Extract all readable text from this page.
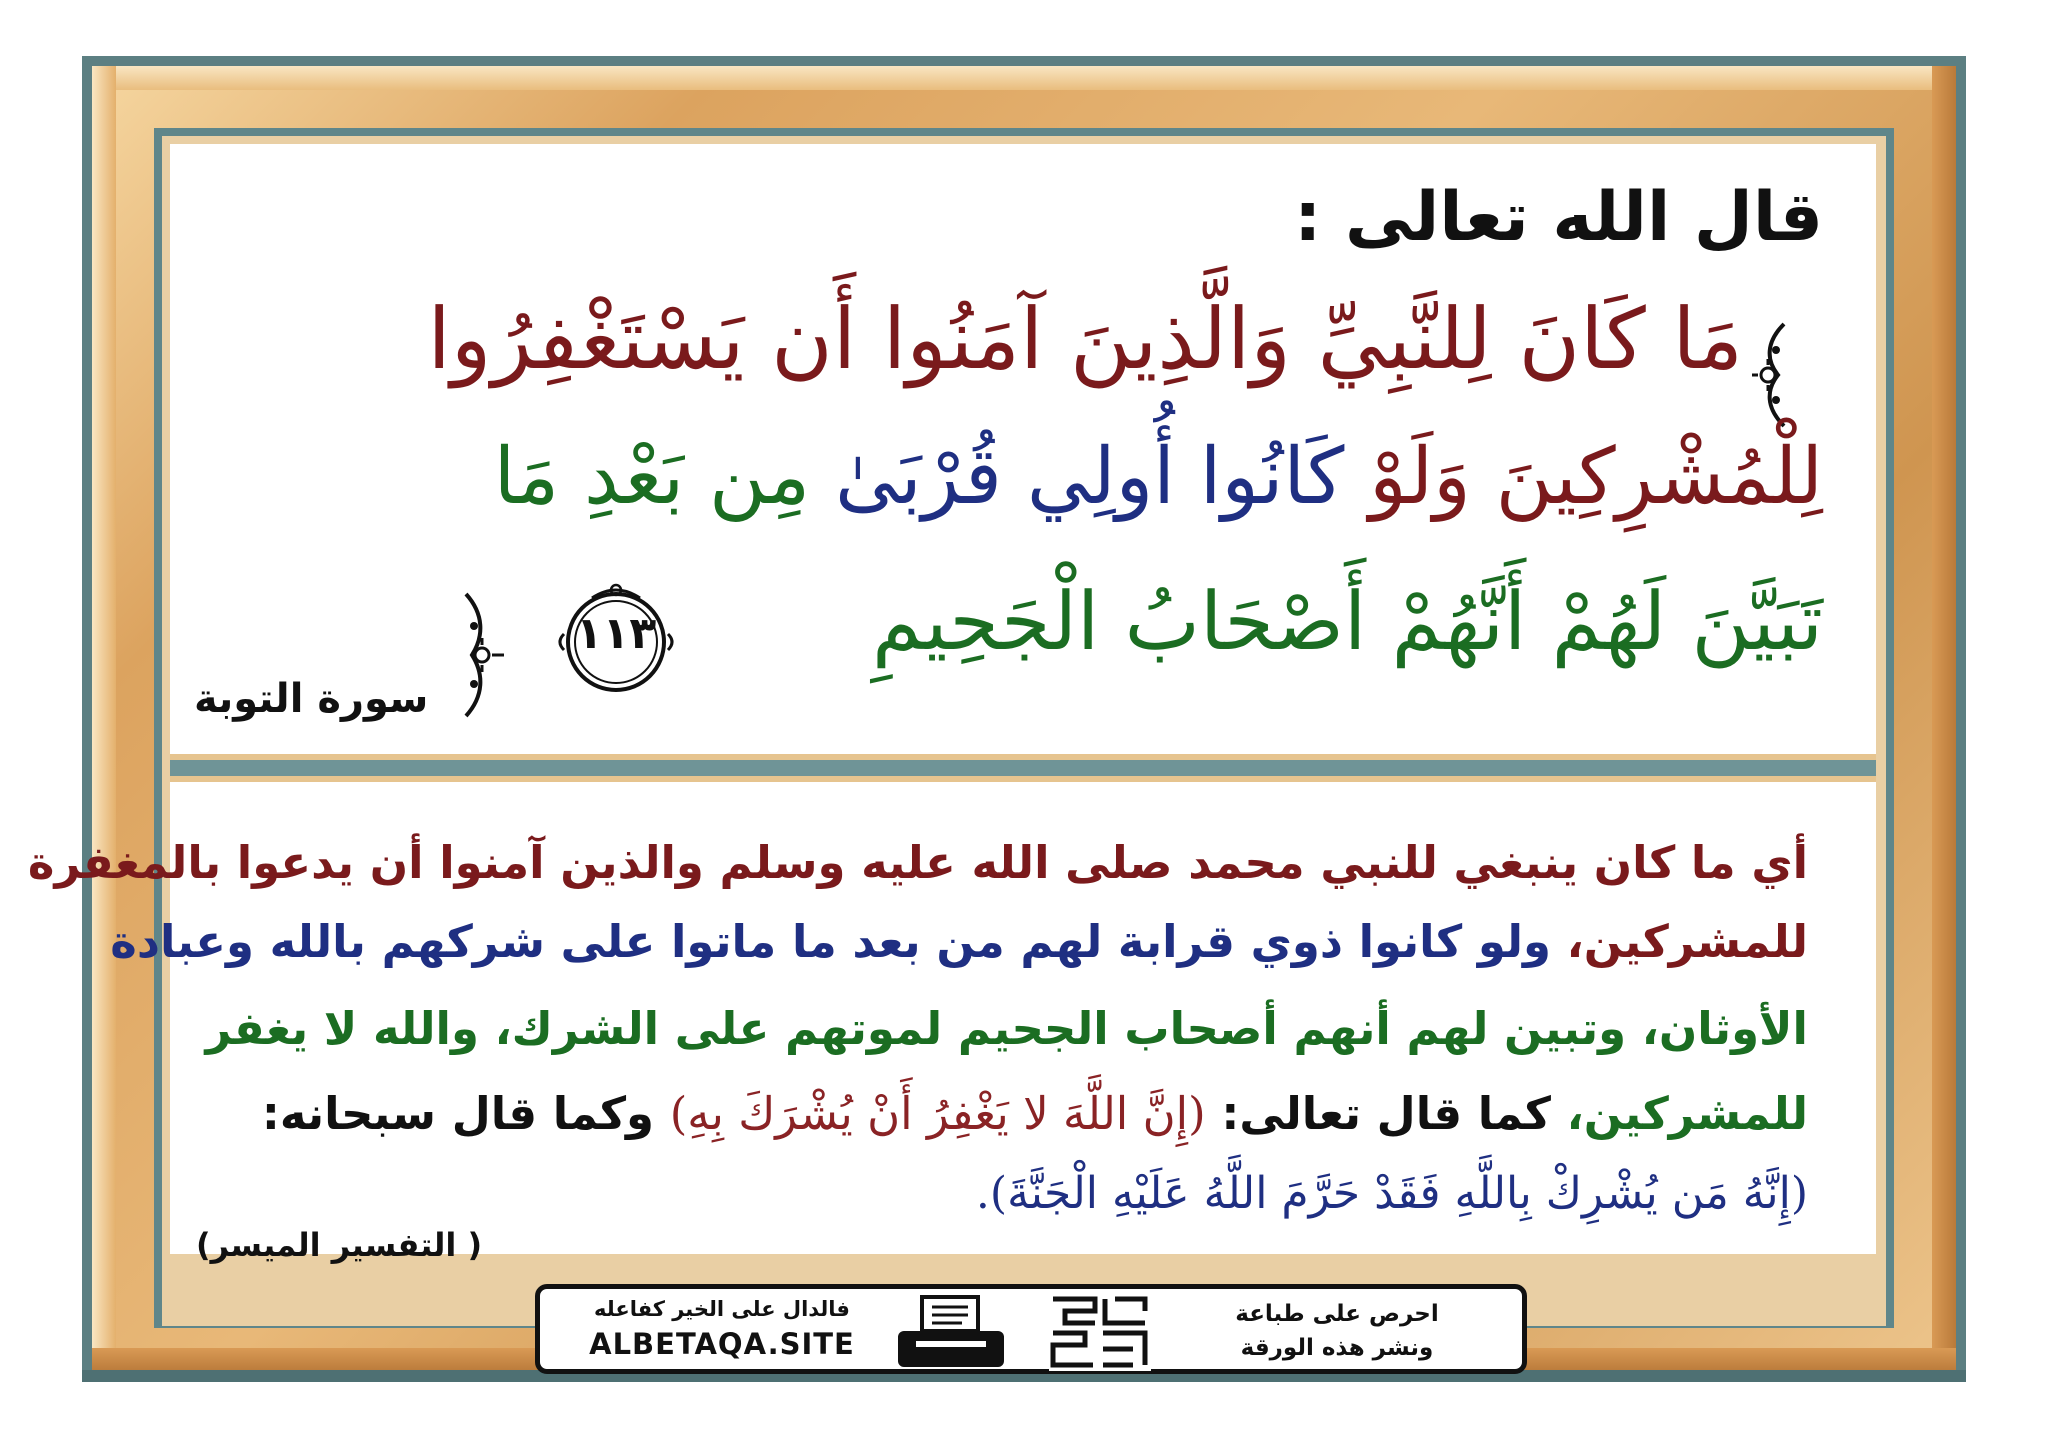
قال الله تعالى :
مَا كَانَ لِلنَّبِيِّ وَالَّذِينَ آمَنُوا أَن يَسْتَغْفِرُوا
لِلْمُشْرِكِينَ وَلَوْ كَانُوا أُولِي قُرْبَىٰ مِن بَعْدِ مَا
تَبَيَّنَ لَهُمْ أَنَّهُمْ أَصْحَابُ الْجَحِيمِ
١١٣
سورة التوبة
أي ما كان ينبغي للنبي محمد صلى الله عليه وسلم والذين آمنوا أن يدعوا بالمغفرة
للمشركين، ولو كانوا ذوي قرابة لهم من بعد ما ماتوا على شركهم بالله وعبادة
الأوثان، وتبين لهم أنهم أصحاب الجحيم لموتهم على الشرك، والله لا يغفر
للمشركين، كما قال تعالى: (إِنَّ اللَّهَ لا يَغْفِرُ أَنْ يُشْرَكَ بِهِ) وكما قال سبحانه:
(إِنَّهُ مَن يُشْرِكْ بِاللَّهِ فَقَدْ حَرَّمَ اللَّهُ عَلَيْهِ الْجَنَّةَ).
( التفسير الميسر)
فالدال على الخير كفاعله
ALBETAQA.SITE
احرص على طباعة
ونشر هذه الورقة
